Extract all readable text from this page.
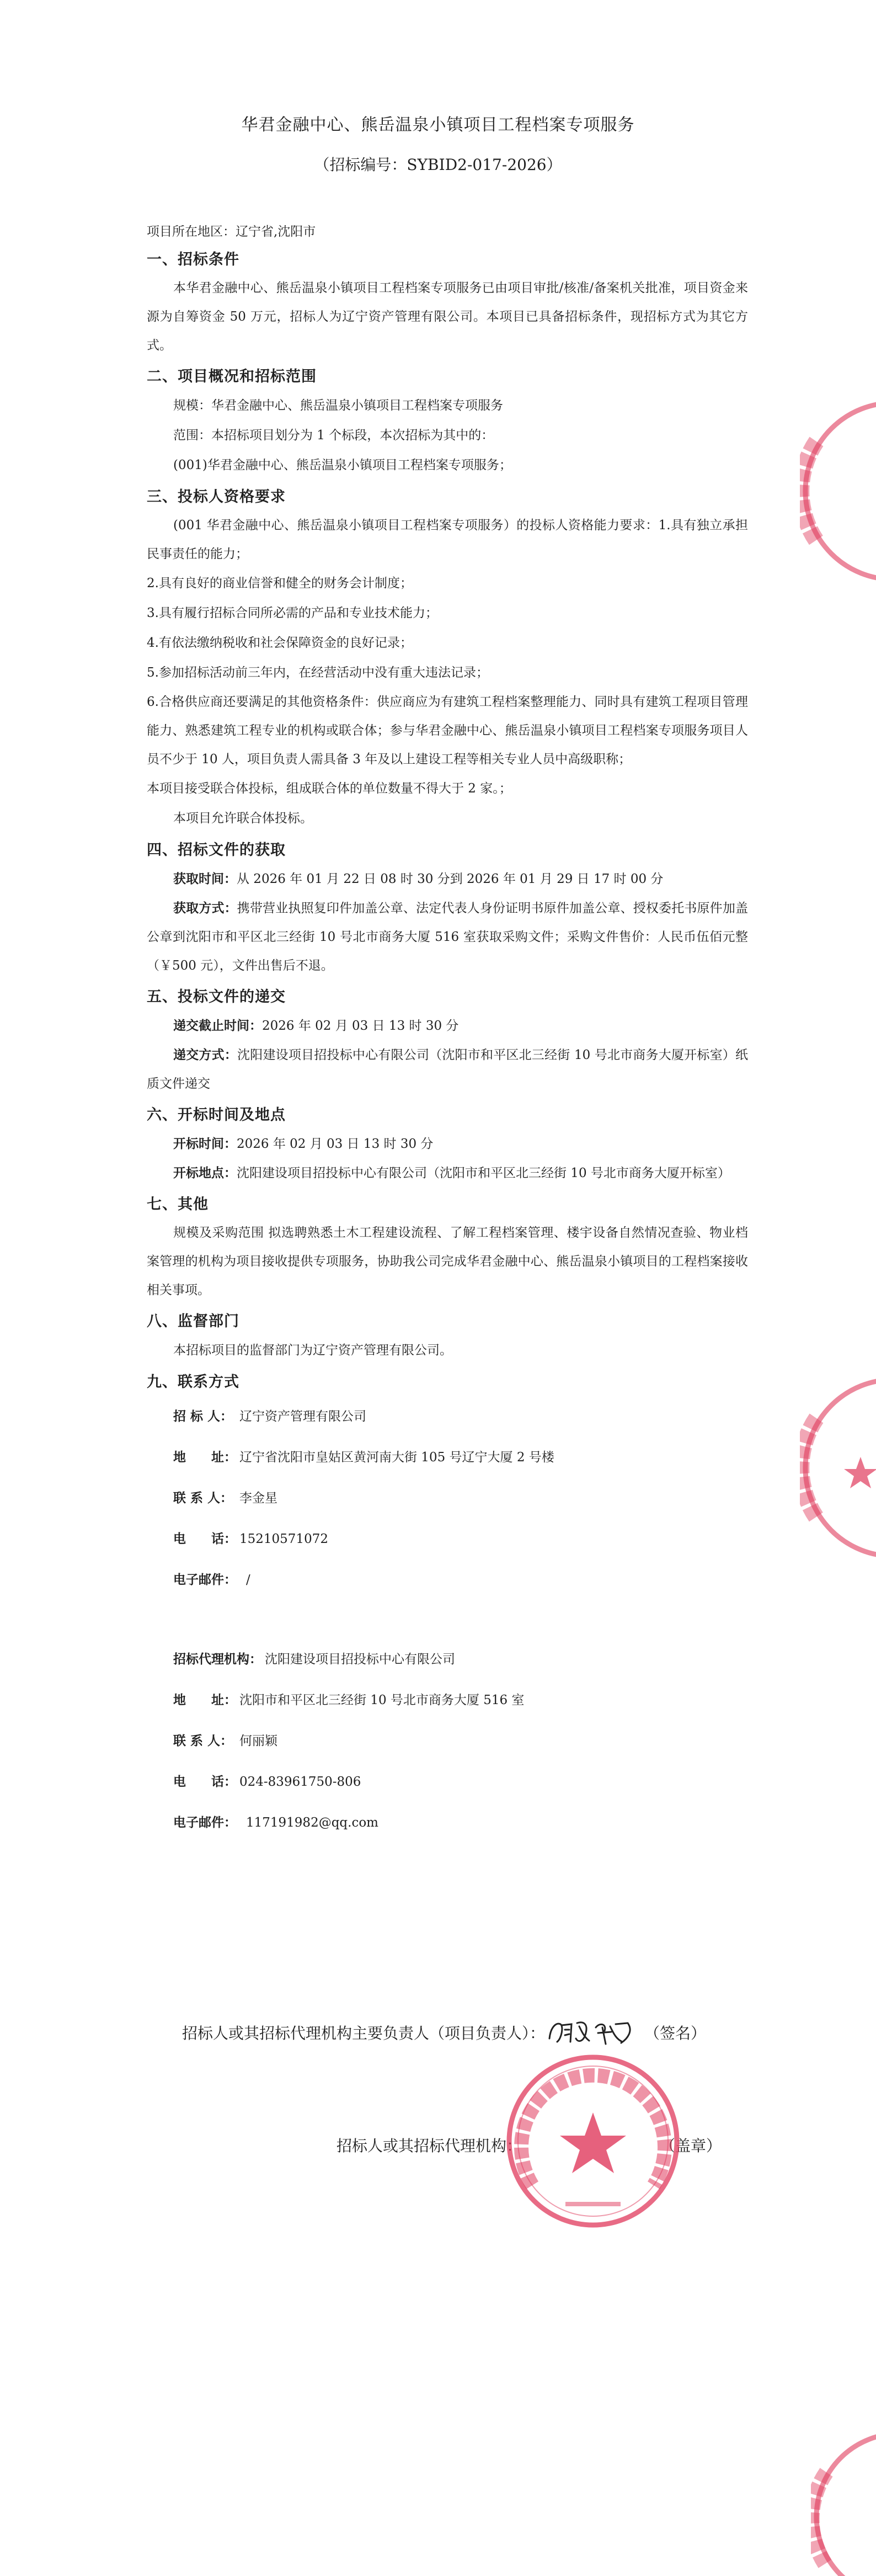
华君金融中心、熊岳温泉小镇项目工程档案专项服务
（招标编号：SYBID2-017-2026）

项目所在地区：辽宁省,沈阳市

一、招标条件

本华君金融中心、熊岳温泉小镇项目工程档案专项服务已由项目审批/核准/备案机关批准，项目资金来源为自筹资金 50 万元，招标人为辽宁资产管理有限公司。本项目已具备招标条件，现招标方式为其它方式。

二、项目概况和招标范围

规模：华君金融中心、熊岳温泉小镇项目工程档案专项服务

范围：本招标项目划分为 1 个标段，本次招标为其中的：

(001)华君金融中心、熊岳温泉小镇项目工程档案专项服务；

三、投标人资格要求

(001 华君金融中心、熊岳温泉小镇项目工程档案专项服务）的投标人资格能力要求：1.具有独立承担民事责任的能力；

2.具有良好的商业信誉和健全的财务会计制度；

3.具有履行招标合同所必需的产品和专业技术能力；

4.有依法缴纳税收和社会保障资金的良好记录；

5.参加招标活动前三年内，在经营活动中没有重大违法记录；

6.合格供应商还要满足的其他资格条件：供应商应为有建筑工程档案整理能力、同时具有建筑工程项目管理能力、熟悉建筑工程专业的机构或联合体；参与华君金融中心、熊岳温泉小镇项目工程档案专项服务项目人员不少于 10 人，项目负责人需具备 3 年及以上建设工程等相关专业人员中高级职称；

本项目接受联合体投标，组成联合体的单位数量不得大于 2 家。；

本项目允许联合体投标。

四、招标文件的获取

获取时间：从 2026 年 01 月 22 日 08 时 30 分到 2026 年 01 月 29 日 17 时 00 分

获取方式：携带营业执照复印件加盖公章、法定代表人身份证明书原件加盖公章、授权委托书原件加盖公章到沈阳市和平区北三经街 10 号北市商务大厦 516 室获取采购文件；采购文件售价：人民币伍佰元整（￥500 元），文件出售后不退。

五、投标文件的递交

递交截止时间：2026 年 02 月 03 日 13 时 30 分

递交方式：沈阳建设项目招投标中心有限公司（沈阳市和平区北三经街 10 号北市商务大厦开标室）纸质文件递交

六、开标时间及地点

开标时间：2026 年 02 月 03 日 13 时 30 分

开标地点：沈阳建设项目招投标中心有限公司（沈阳市和平区北三经街 10 号北市商务大厦开标室）

七、其他

规模及采购范围 拟选聘熟悉土木工程建设流程、了解工程档案管理、楼宇设备自然情况查验、物业档案管理的机构为项目接收提供专项服务，协助我公司完成华君金融中心、熊岳温泉小镇项目的工程档案接收相关事项。

八、监督部门

本招标项目的监督部门为辽宁资产管理有限公司。

九、联系方式
招 标 人： 辽宁资产管理有限公司
地　　址： 辽宁省沈阳市皇姑区黄河南大街 105 号辽宁大厦 2 号楼
联 系 人： 李金星
电　　话： 15210571072
电子邮件： /
招标代理机构： 沈阳建设项目招投标中心有限公司
地　　址： 沈阳市和平区北三经街 10 号北市商务大厦 516 室
联 系 人： 何丽颖
电　　话： 024-83961750-806
电子邮件： 117191982@qq.com
招标人或其招标代理机构主要负责人（项目负责人）：	（签名）
招标人或其招标代理机构：	（盖章）
